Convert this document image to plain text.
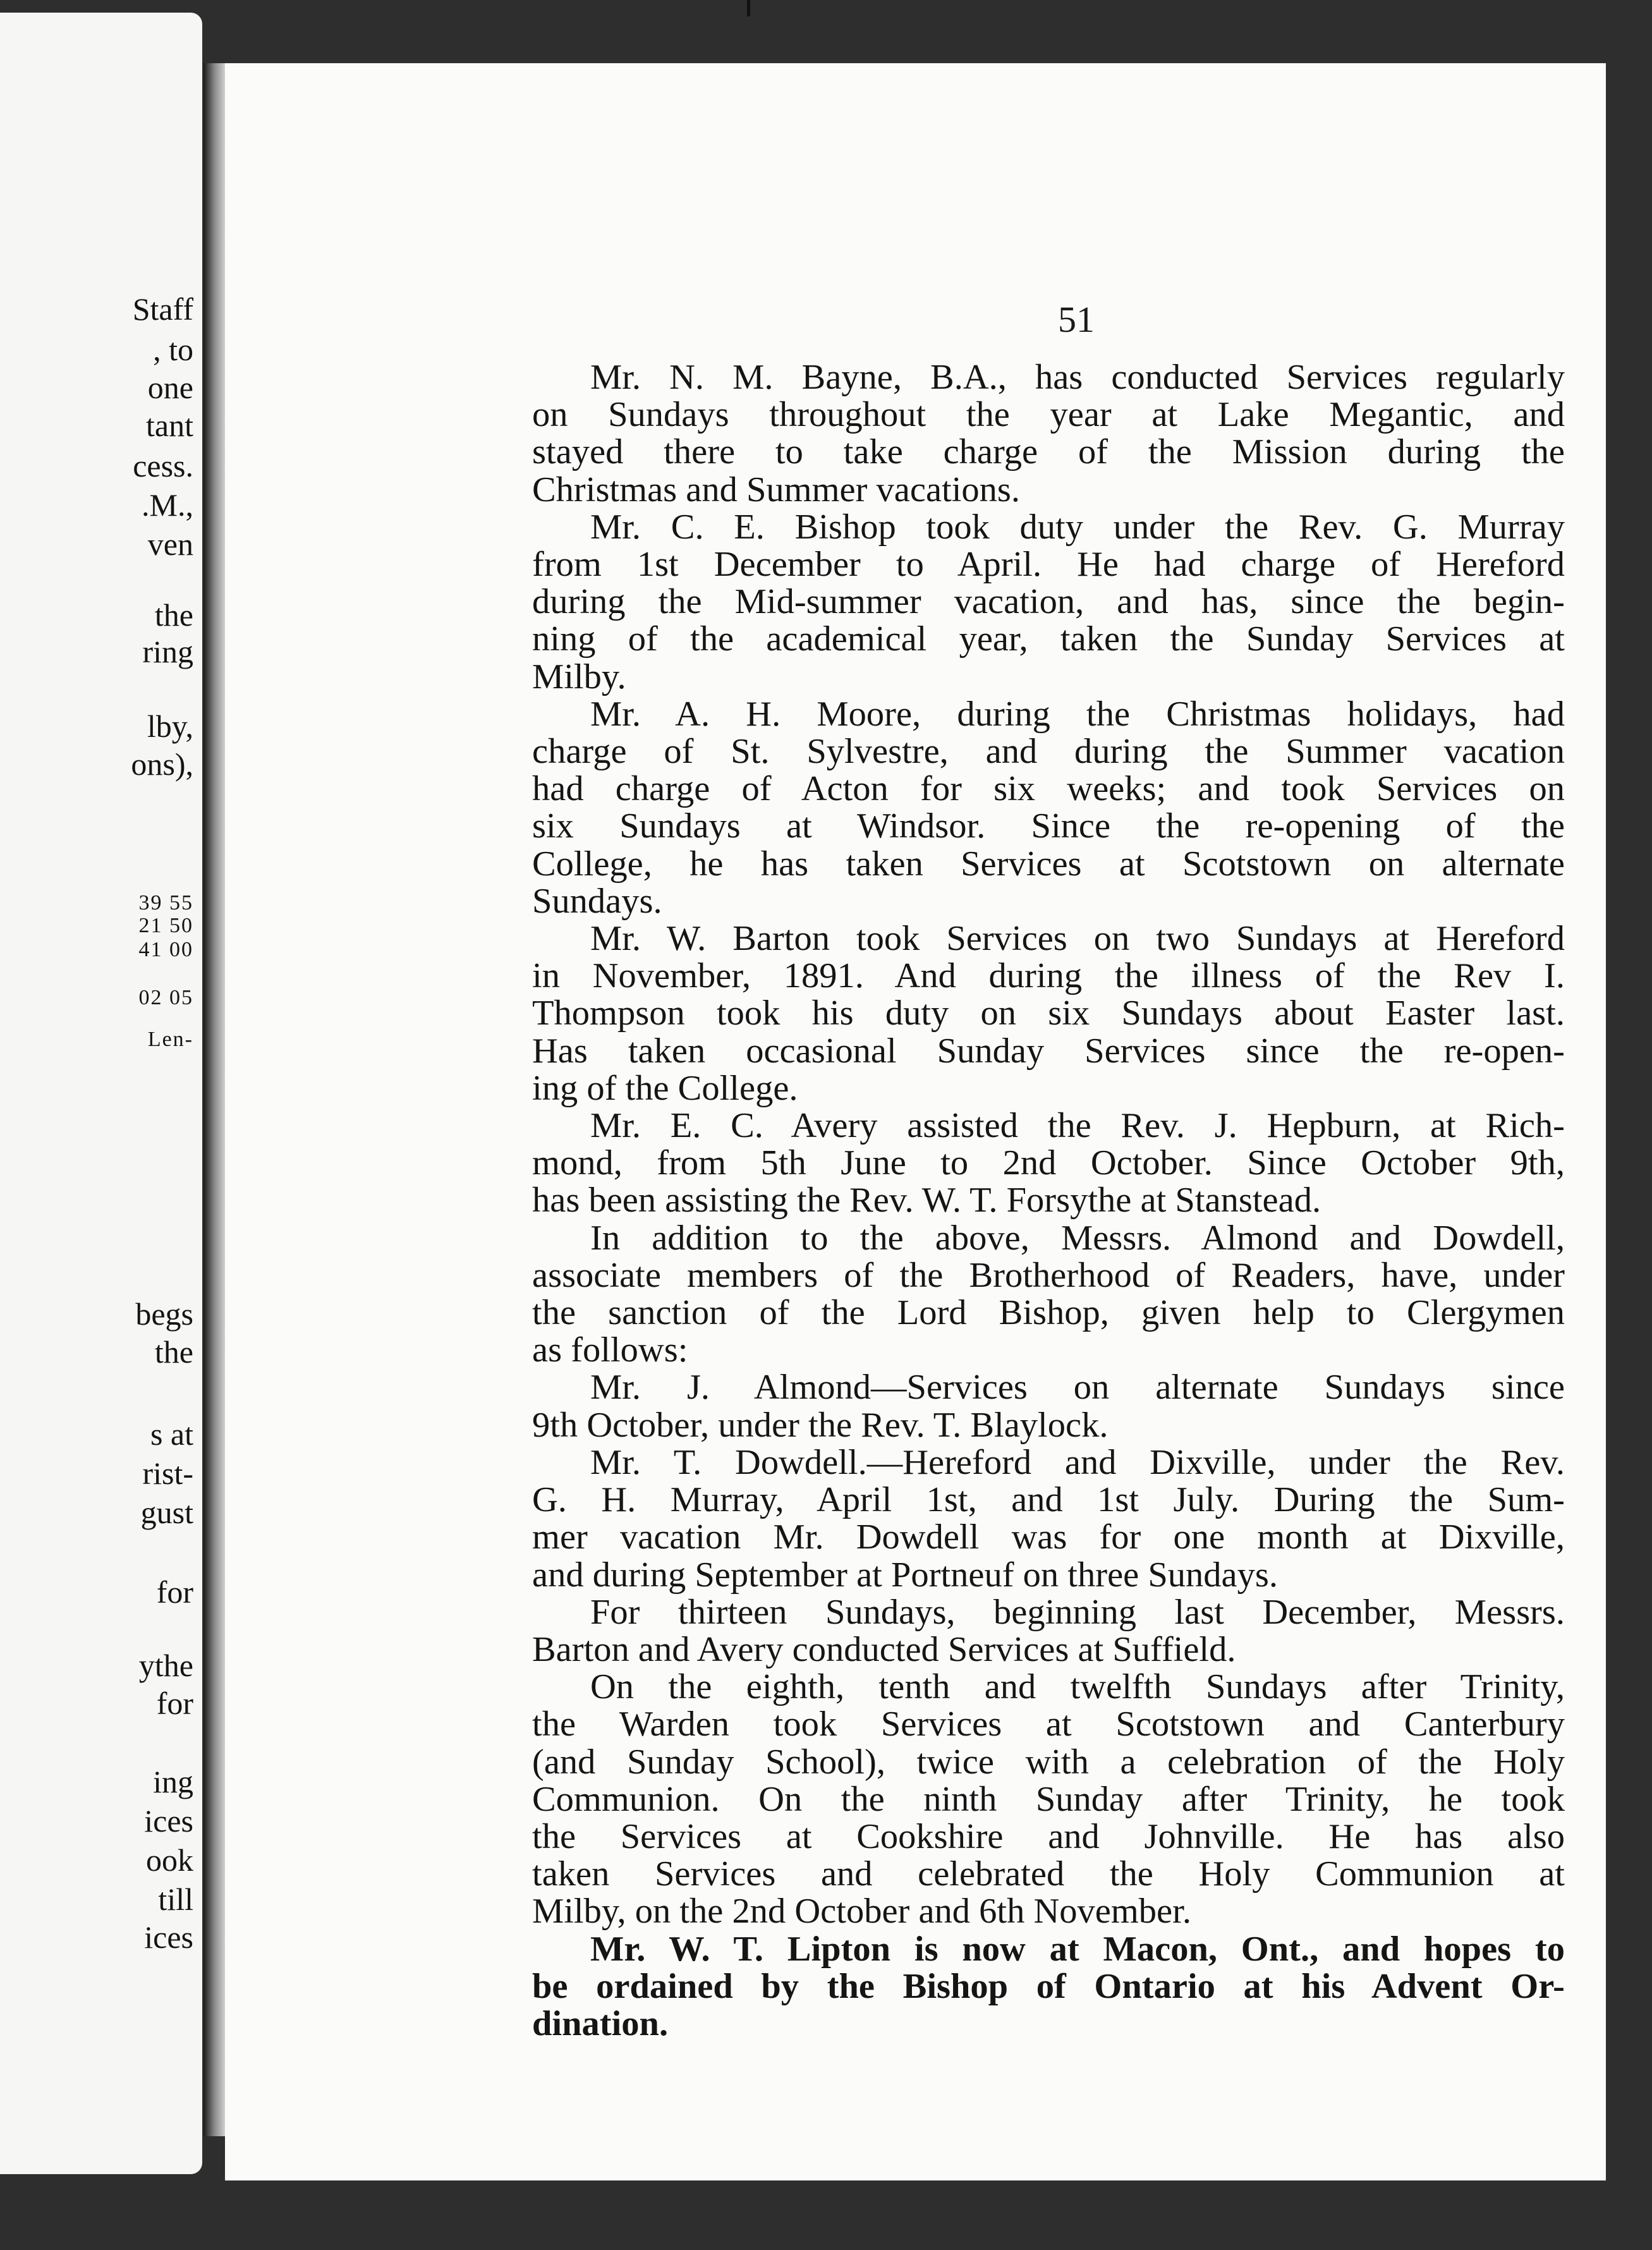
Staff
, to
one
tant
cess.
.M.,
ven
the
ring
lby,
ons),
39 55
21 50
41 00
02 05
Len-
begs
the
s at
rist-
gust
for
ythe
for
ing
ices
ook
till
ices
51
Mr. N. M. Bayne, B.A., has conducted Services regularly
on Sundays throughout the year at Lake Megantic, and
stayed there to take charge of the Mission during the
Christmas and Summer vacations.
Mr. C. E. Bishop took duty under the Rev. G. Murray
from 1st December to April. He had charge of Hereford
during the Mid-summer vacation, and has, since the begin-
ning of the academical year, taken the Sunday Services at
Milby.
Mr. A. H. Moore, during the Christmas holidays, had
charge of St. Sylvestre, and during the Summer vacation
had charge of Acton for six weeks; and took Services on
six Sundays at Windsor. Since the re-opening of the
College, he has taken Services at Scotstown on alternate
Sundays.
Mr. W. Barton took Services on two Sundays at Hereford
in November, 1891. And during the illness of the Rev I.
Thompson took his duty on six Sundays about Easter last.
Has taken occasional Sunday Services since the re-open-
ing of the College.
Mr. E. C. Avery assisted the Rev. J. Hepburn, at Rich-
mond, from 5th June to 2nd October. Since October 9th,
has been assisting the Rev. W. T. Forsythe at Stanstead.
In addition to the above, Messrs. Almond and Dowdell,
associate members of the Brotherhood of Readers, have, under
the sanction of the Lord Bishop, given help to Clergymen
as follows:
Mr. J. Almond—Services on alternate Sundays since
9th October, under the Rev. T. Blaylock.
Mr. T. Dowdell.—Hereford and Dixville, under the Rev.
G. H. Murray, April 1st, and 1st July. During the Sum-
mer vacation Mr. Dowdell was for one month at Dixville,
and during September at Portneuf on three Sundays.
For thirteen Sundays, beginning last December, Messrs.
Barton and Avery conducted Services at Suffield.
On the eighth, tenth and twelfth Sundays after Trinity,
the Warden took Services at Scotstown and Canterbury
(and Sunday School), twice with a celebration of the Holy
Communion. On the ninth Sunday after Trinity, he took
the Services at Cookshire and Johnville. He has also
taken Services and celebrated the Holy Communion at
Milby, on the 2nd October and 6th November.
Mr. W. T. Lipton is now at Macon, Ont., and hopes to
be ordained by the Bishop of Ontario at his Advent Or-
dination.
